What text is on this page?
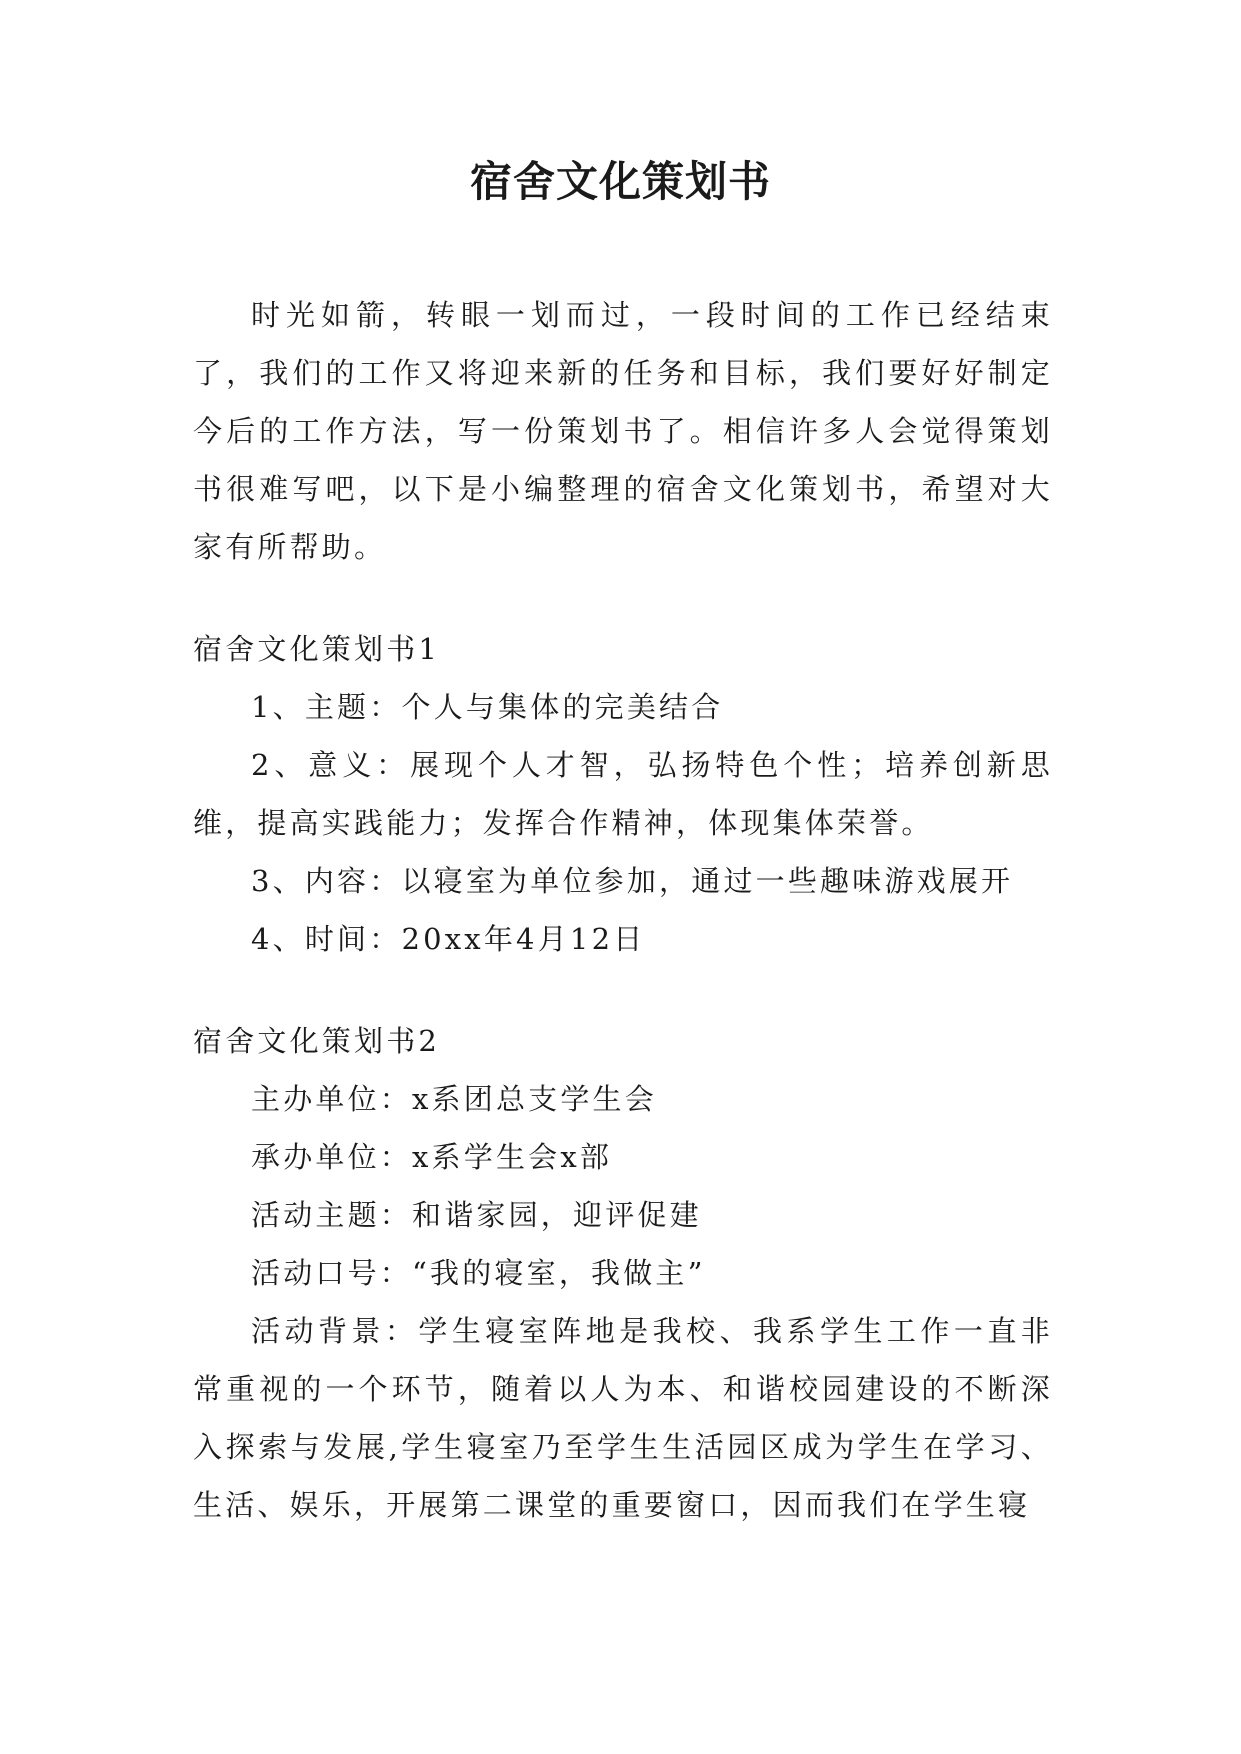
宿舍文化策划书

时光如箭，转眼一划而过，一段时间的工作已经结束了，我们的工作又将迎来新的任务和目标，我们要好好制定今后的工作方法，写一份策划书了。相信许多人会觉得策划书很难写吧，以下是小编整理的宿舍文化策划书，希望对大家有所帮助。

宿舍文化策划书1

1、主题：个人与集体的完美结合

2、意义：展现个人才智，弘扬特色个性；培养创新思维，提高实践能力；发挥合作精神，体现集体荣誉。

3、内容：以寝室为单位参加，通过一些趣味游戏展开

4、时间：20xx年4月12日

宿舍文化策划书2

主办单位：x系团总支学生会

承办单位：x系学生会x部

活动主题：和谐家园，迎评促建

活动口号：“我的寝室，我做主”

活动背景：学生寝室阵地是我校、我系学生工作一直非常重视的一个环节，随着以人为本、和谐校园建设的不断深入探索与发展,学生寝室乃至学生生活园区成为学生在学习、生活、娱乐，开展第二课堂的重要窗口，因而我们在学生寝
